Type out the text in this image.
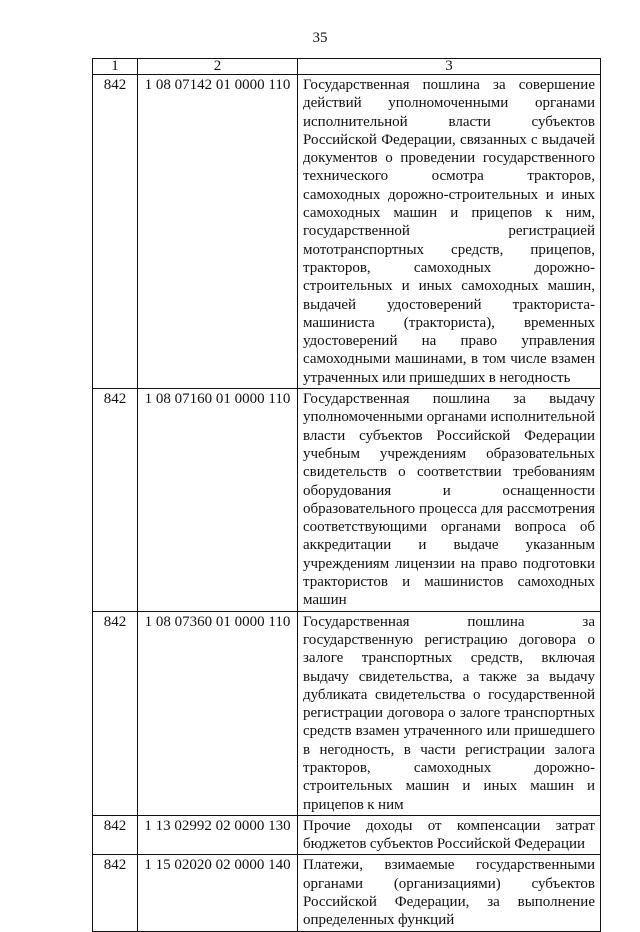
35
1	2	3
842	1 08 07142 01 0000 110	Государственная пошлина за совершение действий уполномоченными органами исполнительной власти субъектов Российской Федерации, связанных с выдачей документов о проведении государственного технического осмотра тракторов, самоходных дорожно-строительных и иных самоходных машин и прицепов к ним, государственной регистрацией мототранспортных средств, прицепов, тракторов, самоходных дорожно-строительных и иных самоходных машин, выдачей удостоверений тракториста-машиниста (тракториста), временных удостоверений на право управления самоходными машинами, в том числе взамен утраченных или пришедших в негодность
842	1 08 07160 01 0000 110	Государственная пошлина за выдачу уполномоченными органами исполнительной власти субъектов Российской Федерации учебным учреждениям образовательных свидетельств о соответствии требованиям оборудования и оснащенности образовательного процесса для рассмотрения соответствующими органами вопроса об аккредитации и выдаче указанным учреждениям лицензии на право подготовки трактористов и машинистов самоходных машин
842	1 08 07360 01 0000 110	Государственная пошлина за государственную регистрацию договора о залоге транспортных средств, включая выдачу свидетельства, а также за выдачу дубликата свидетельства о государственной регистрации договора о залоге транспортных средств взамен утраченного или пришедшего в негодность, в части регистрации залога тракторов, самоходных дорожно-строительных машин и иных машин и прицепов к ним
842	1 13 02992 02 0000 130	Прочие доходы от компенсации затрат бюджетов субъектов Российской Федерации
842	1 15 02020 02 0000 140	Платежи, взимаемые государственными органами (организациями) субъектов Российской Федерации, за выполнение определенных функций
